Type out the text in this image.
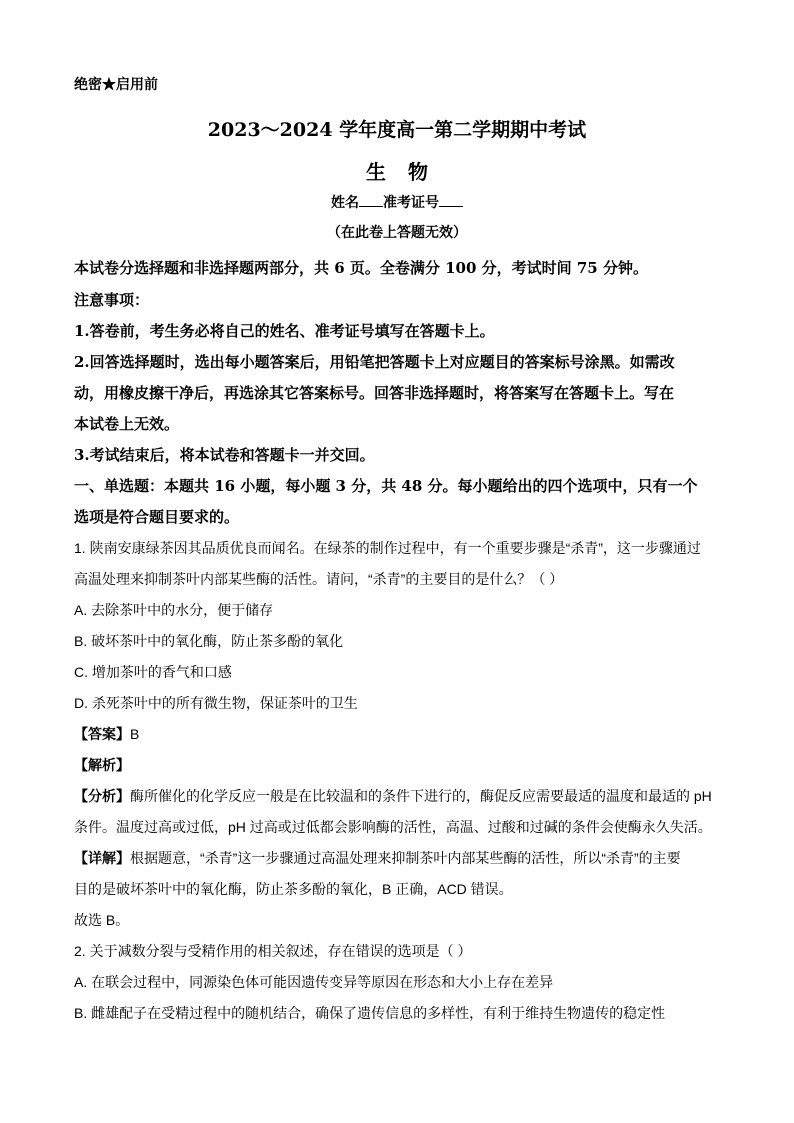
绝密★启用前
2023～2024 学年度高一第二学期期中考试
生物
姓名 准考证号
（在此卷上答题无效）
本试卷分选择题和非选择题两部分，共 6 页。全卷满分 100 分，考试时间 75 分钟。
注意事项：
1.答卷前，考生务必将自己的姓名、准考证号填写在答题卡上。
2.回答选择题时，选出每小题答案后，用铅笔把答题卡上对应题目的答案标号涂黑。如需改
动，用橡皮擦干净后，再选涂其它答案标号。回答非选择题时，将答案写在答题卡上。写在
本试卷上无效。
3.考试结束后，将本试卷和答题卡一并交回。
一、单选题：本题共 16 小题，每小题 3 分，共 48 分。每小题给出的四个选项中，只有一个
选项是符合题目要求的。
1. 陕南安康绿茶因其品质优良而闻名。在绿茶的制作过程中，有一个重要步骤是“杀青”，这一步骤通过
高温处理来抑制茶叶内部某些酶的活性。请问，“杀青”的主要目的是什么？（ ）
A. 去除茶叶中的水分，便于储存
B. 破坏茶叶中的氧化酶，防止茶多酚的氧化
C. 增加茶叶的香气和口感
D. 杀死茶叶中的所有微生物，保证茶叶的卫生
【答案】B
【解析】
【分析】酶所催化的化学反应一般是在比较温和的条件下进行的，酶促反应需要最适的温度和最适的 pH
条件。温度过高或过低，pH 过高或过低都会影响酶的活性，高温、过酸和过碱的条件会使酶永久失活。
【详解】根据题意，“杀青”这一步骤通过高温处理来抑制茶叶内部某些酶的活性，所以“杀青”的主要
目的是破坏茶叶中的氧化酶，防止茶多酚的氧化，B 正确，ACD 错误。
故选 B。
2. 关于减数分裂与受精作用的相关叙述，存在错误的选项是（ ）
A. 在联会过程中，同源染色体可能因遗传变异等原因在形态和大小上存在差异
B. 雌雄配子在受精过程中的随机结合，确保了遗传信息的多样性，有利于维持生物遗传的稳定性
